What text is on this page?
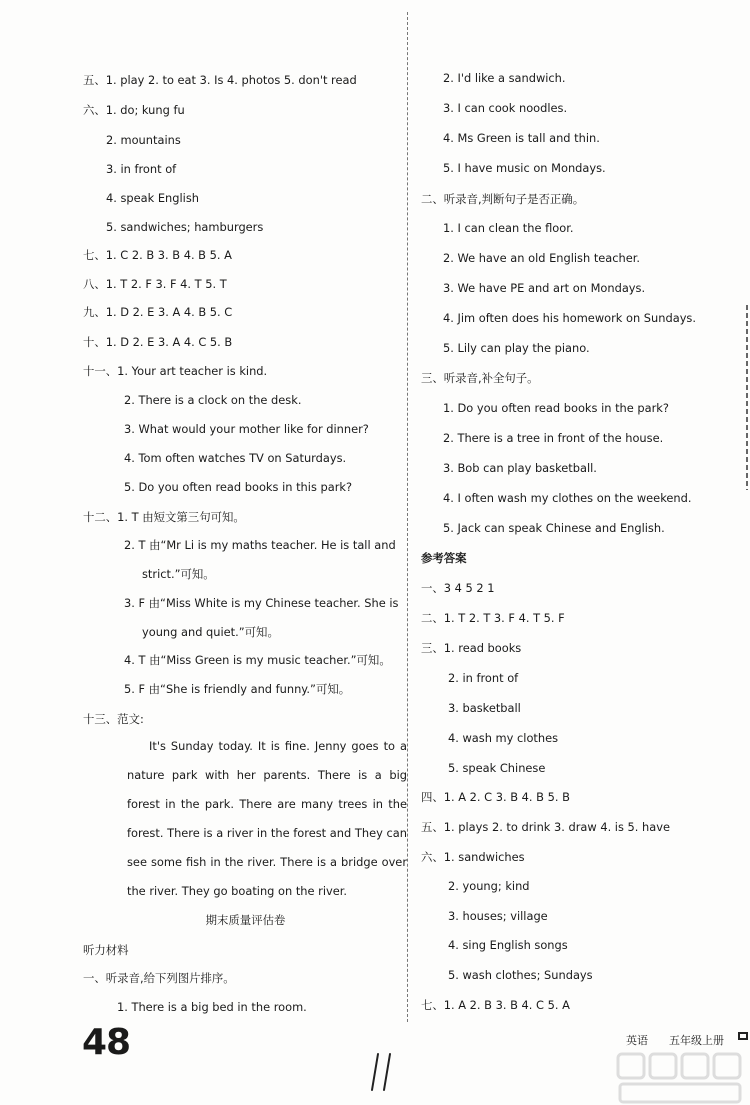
五、1. play 2. to eat 3. Is 4. photos 5. don't read
六、1. do; kung fu
2. mountains
3. in front of
4. speak English
5. sandwiches; hamburgers
七、1. C 2. B 3. B 4. B 5. A
八、1. T 2. F 3. F 4. T 5. T
九、1. D 2. E 3. A 4. B 5. C
十、1. D 2. E 3. A 4. C 5. B
十一、1. Your art teacher is kind.
2. There is a clock on the desk.
3. What would your mother like for dinner?
4. Tom often watches TV on Saturdays.
5. Do you often read books in this park?
十二、1. T 由短文第三句可知。
2. T 由“Mr Li is my maths teacher. He is tall and
strict.”可知。
3. F 由“Miss White is my Chinese teacher. She is
young and quiet.”可知。
4. T 由“Miss Green is my music teacher.”可知。
5. F 由“She is friendly and funny.”可知。
十三、范文:
It's Sunday today. It is fine. Jenny goes to a nature park with her parents. There is a big forest in the park. There are many trees in the forest. There is a river in the forest and They can see some fish in the river. There is a bridge over the river. They go boating on the river.
期末质量评估卷
听力材料
一、听录音,给下列图片排序。
1. There is a big bed in the room.
2. I'd like a sandwich.
3. I can cook noodles.
4. Ms Green is tall and thin.
5. I have music on Mondays.
二、听录音,判断句子是否正确。
1. I can clean the floor.
2. We have an old English teacher.
3. We have PE and art on Mondays.
4. Jim often does his homework on Sundays.
5. Lily can play the piano.
三、听录音,补全句子。
1. Do you often read books in the park?
2. There is a tree in front of the house.
3. Bob can play basketball.
4. I often wash my clothes on the weekend.
5. Jack can speak Chinese and English.
参考答案
一、3 4 5 2 1
二、1. T 2. T 3. F 4. T 5. F
三、1. read books
2. in front of
3. basketball
4. wash my clothes
5. speak Chinese
四、1. A 2. C 3. B 4. B 5. B
五、1. plays 2. to drink 3. draw 4. is 5. have
六、1. sandwiches
2. young; kind
3. houses; village
4. sing English songs
5. wash clothes; Sundays
七、1. A 2. B 3. B 4. C 5. A
48	英语 五年级上册
